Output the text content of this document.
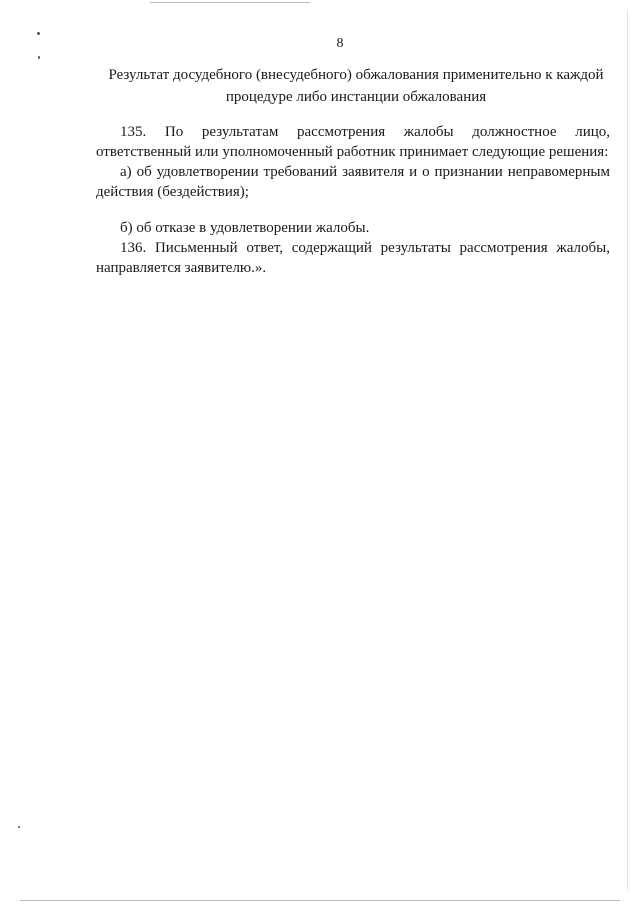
8
Результат досудебного (внесудебного) обжалования применительно к каждой
процедуре либо инстанции обжалования

135. По результатам рассмотрения жалобы должностное лицо, ответственный или уполномоченный работник принимает следующие решения:

а) об удовлетворении требований заявителя и о признании неправомерным действия (бездействия);

б) об отказе в удовлетворении жалобы.

136. Письменный ответ, содержащий результаты рассмотрения жалобы, направляется заявителю.».
